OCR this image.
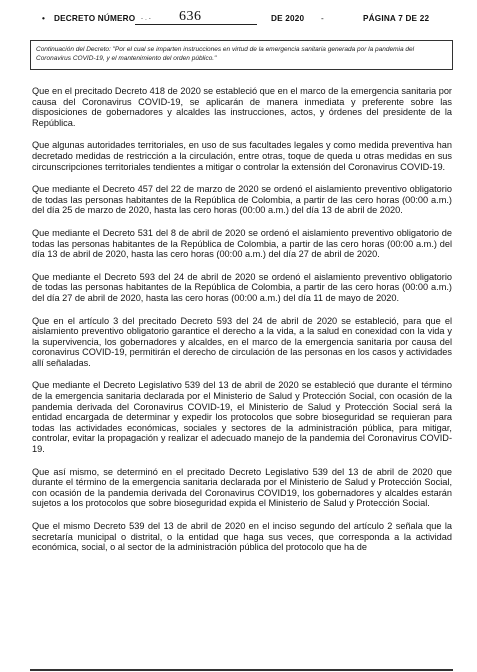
• DECRETO NÚMERO - . - 636	DE 2020 -	PÁGINA 7 DE 22
Continuación del Decreto: "Por el cual se imparten instrucciones en virtud de la emergencia sanitaria generada por la pandemia del Coronavirus COVID-19, y el mantenimiento del orden público."

Que en el precitado Decreto 418 de 2020 se estableció que en el marco de la emergencia sanitaria por causa del Coronavirus COVID-19, se aplicarán de manera inmediata y preferente sobre las disposiciones de gobernadores y alcaldes las instrucciones, actos, y órdenes del presidente de la República.

Que algunas autoridades territoriales, en uso de sus facultades legales y como medida preventiva han decretado medidas de restricción a la circulación, entre otras, toque de queda u otras medidas en sus circunscripciones territoriales tendientes a mitigar o controlar la extensión del Coronavirus COVID-19.

Que mediante el Decreto 457 del 22 de marzo de 2020 se ordenó el aislamiento preventivo obligatorio de todas las personas habitantes de la República de Colombia, a partir de las cero horas (00:00 a.m.) del día 25 de marzo de 2020, hasta las cero horas (00:00 a.m.) del día 13 de abril de 2020.

Que mediante el Decreto 531 del 8 de abril de 2020 se ordenó el aislamiento preventivo obligatorio de todas las personas habitantes de la República de Colombia, a partir de las cero horas (00:00 a.m.) del día 13 de abril de 2020, hasta las cero horas (00:00 a.m.) del día 27 de abril de 2020.

Que mediante el Decreto 593 del 24 de abril de 2020 se ordenó el aislamiento preventivo obligatorio de todas las personas habitantes de la República de Colombia, a partir de las cero horas (00:00 a.m.) del día 27 de abril de 2020, hasta las cero horas (00:00 a.m.) del día 11 de mayo de 2020.

Que en el artículo 3 del precitado Decreto 593 del 24 de abril de 2020 se estableció, para que el aislamiento preventivo obligatorio garantice el derecho a la vida, a la salud en conexidad con la vida y la supervivencia, los gobernadores y alcaldes, en el marco de la emergencia sanitaria por causa del coronavirus COVID-19, permitirán el derecho de circulación de las personas en los casos y actividades allí señaladas.

Que mediante el Decreto Legislativo 539 del 13 de abril de 2020 se estableció que durante el término de la emergencia sanitaria declarada por el Ministerio de Salud y Protección Social, con ocasión de la pandemia derivada del Coronavirus COVID-19, el Ministerio de Salud y Protección Social será la entidad encargada de determinar y expedir los protocolos que sobre bioseguridad se requieran para todas las actividades económicas, sociales y sectores de la administración pública, para mitigar, controlar, evitar la propagación y realizar el adecuado manejo de la pandemia del Coronavirus COVID-19.

Que así mismo, se determinó en el precitado Decreto Legislativo 539 del 13 de abril de 2020 que durante el término de la emergencia sanitaria declarada por el Ministerio de Salud y Protección Social, con ocasión de la pandemia derivada del Coronavirus COVID19, los gobernadores y alcaldes estarán sujetos a los protocolos que sobre bioseguridad expida el Ministerio de Salud y Protección Social.

Que el mismo Decreto 539 del 13 de abril de 2020 en el inciso segundo del artículo 2 señala que la secretaría municipal o distrital, o la entidad que haga sus veces, que corresponda a la actividad económica, social, o al sector de la administración pública del protocolo que ha de
